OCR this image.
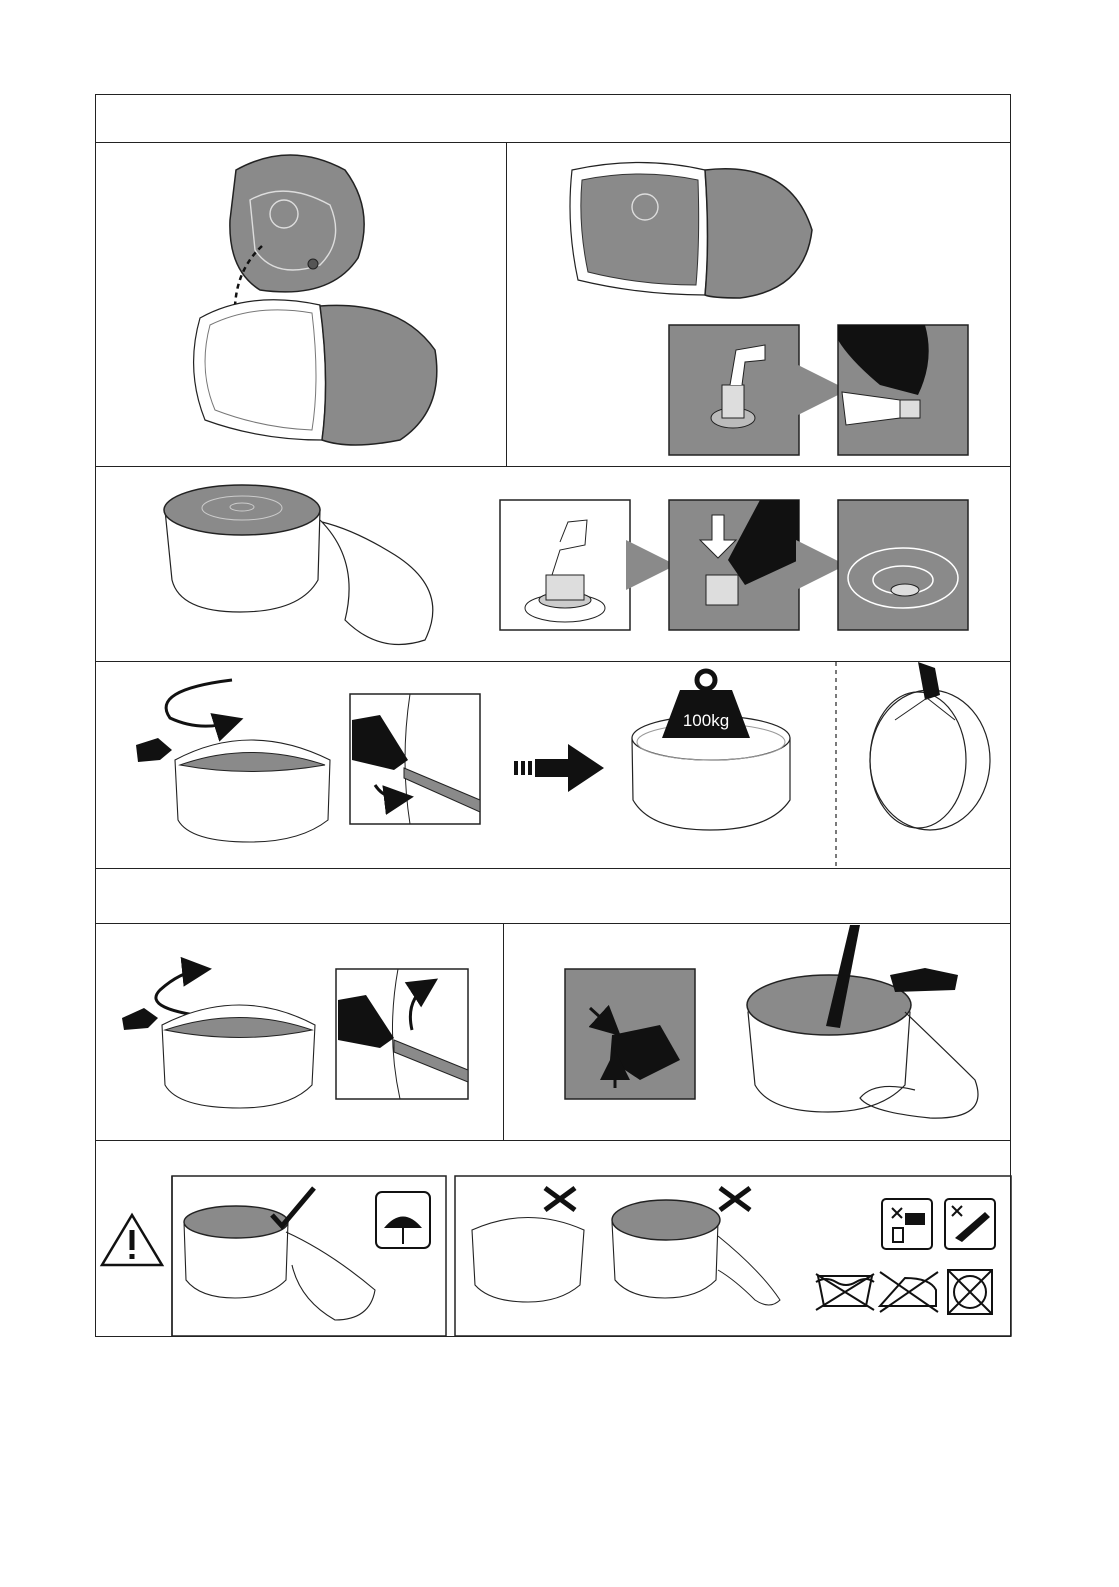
100kg
